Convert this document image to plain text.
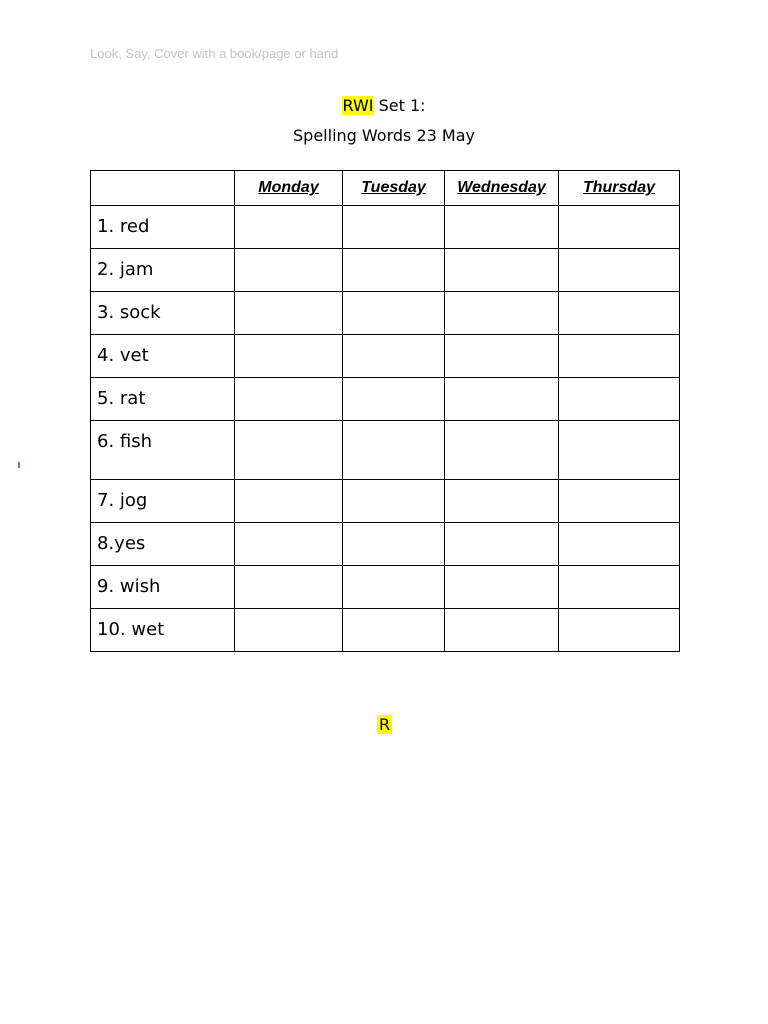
Look, Say, Cover with a book/page or hand
RWI Set 1:
Spelling Words 23 May
	Monday	Tuesday	Wednesday	Thursday
1. red				
2. jam				
3. sock				
4. vet				
5. rat				
6. fish				
7. jog				
8.yes				
9. wish				
10. wet				
R
